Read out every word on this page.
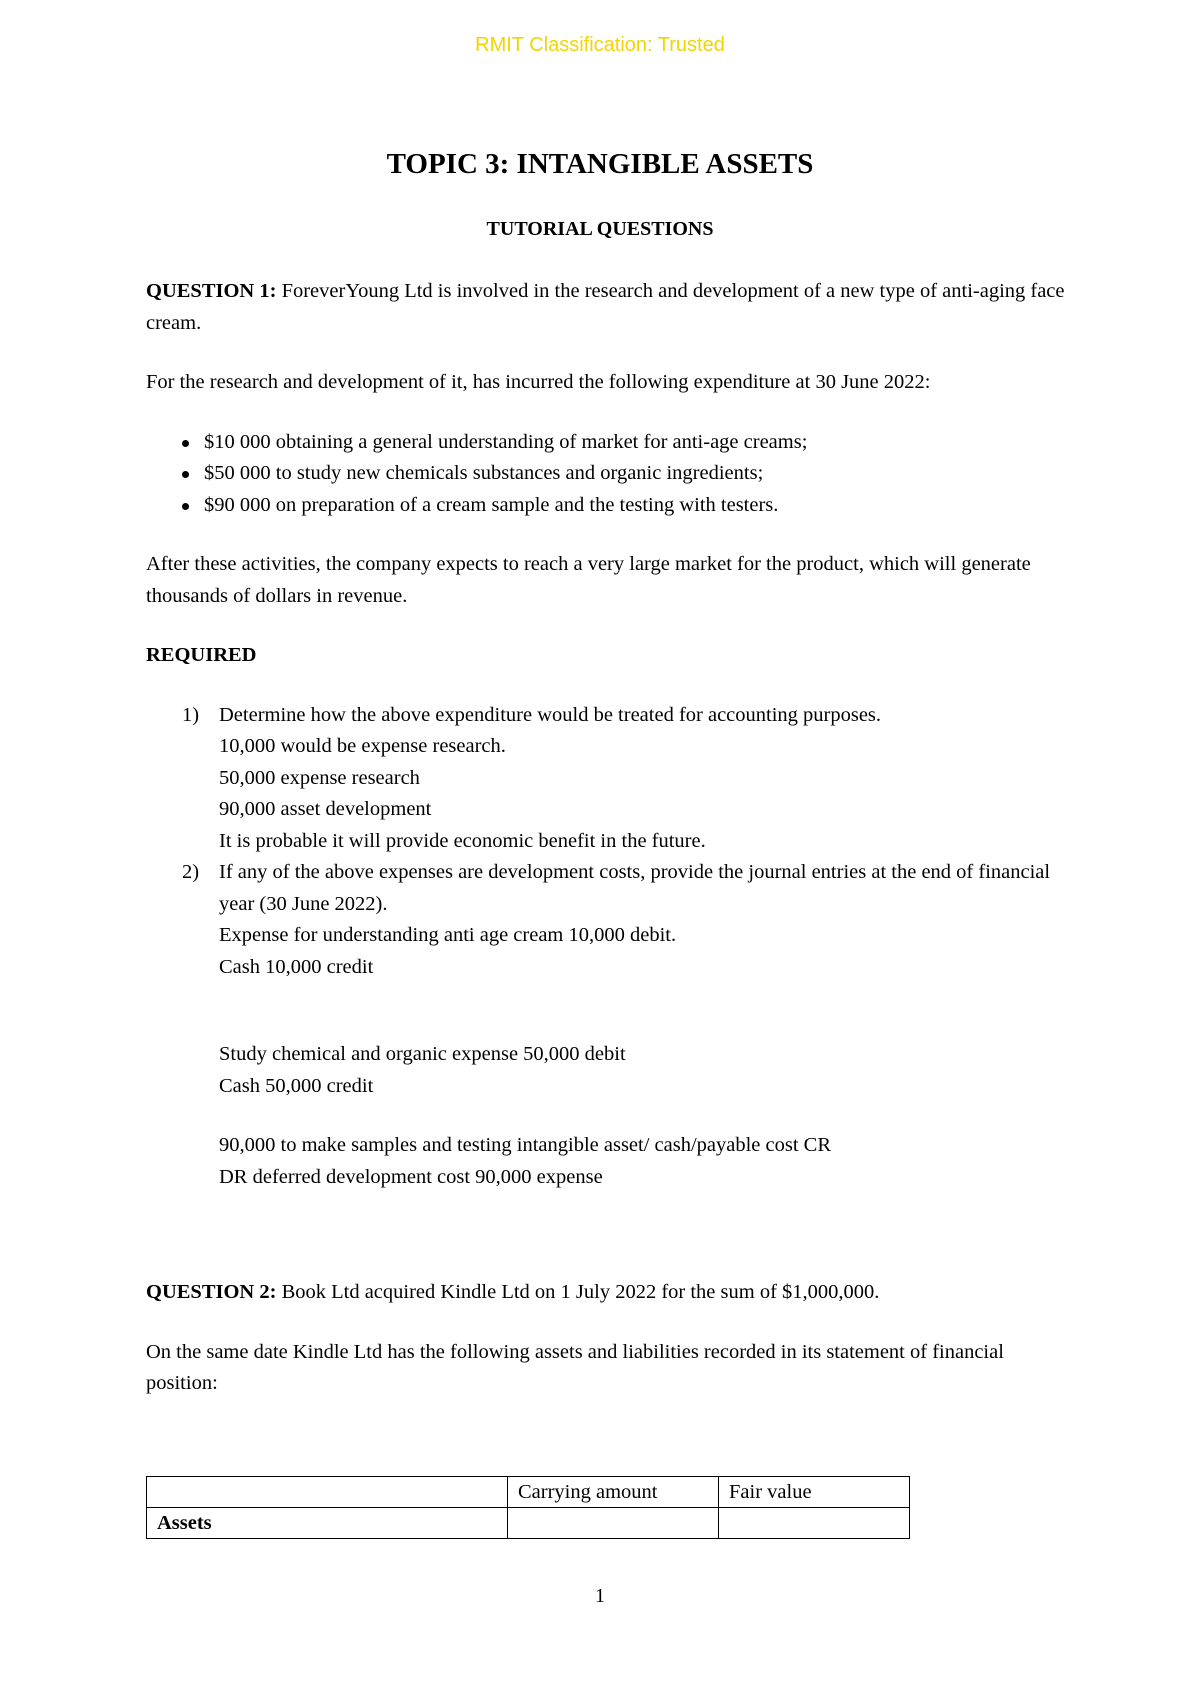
RMIT Classification: Trusted
TOPIC 3: INTANGIBLE ASSETS
TUTORIAL QUESTIONS

QUESTION 1: ForeverYoung Ltd is involved in the research and development of a new type of anti-aging face cream.

For the research and development of it, has incurred the following expenditure at 30 June 2022:

$10 000 obtaining a general understanding of market for anti-age creams;
$50 000 to study new chemicals substances and organic ingredients;
$90 000 on preparation of a cream sample and the testing with testers.

After these activities, the company expects to reach a very large market for the product, which will generate thousands of dollars in revenue.

REQUIRED

1) Determine how the above expenditure would be treated for accounting purposes.

10,000 would be expense research.

50,000 expense research

90,000 asset development

It is probable it will provide economic benefit in the future.

2) If any of the above expenses are development costs, provide the journal entries at the end of financial year (30 June 2022).

Expense for understanding anti age cream 10,000 debit.

Cash 10,000 credit

Study chemical and organic expense 50,000 debit

Cash 50,000 credit

90,000 to make samples and testing intangible asset/ cash/payable cost CR

DR deferred development cost 90,000 expense

QUESTION 2: Book Ltd acquired Kindle Ltd on 1 July 2022 for the sum of $1,000,000.

On the same date Kindle Ltd has the following assets and liabilities recorded in its statement of financial position:

	Carrying amount	Fair value
Assets		
1
